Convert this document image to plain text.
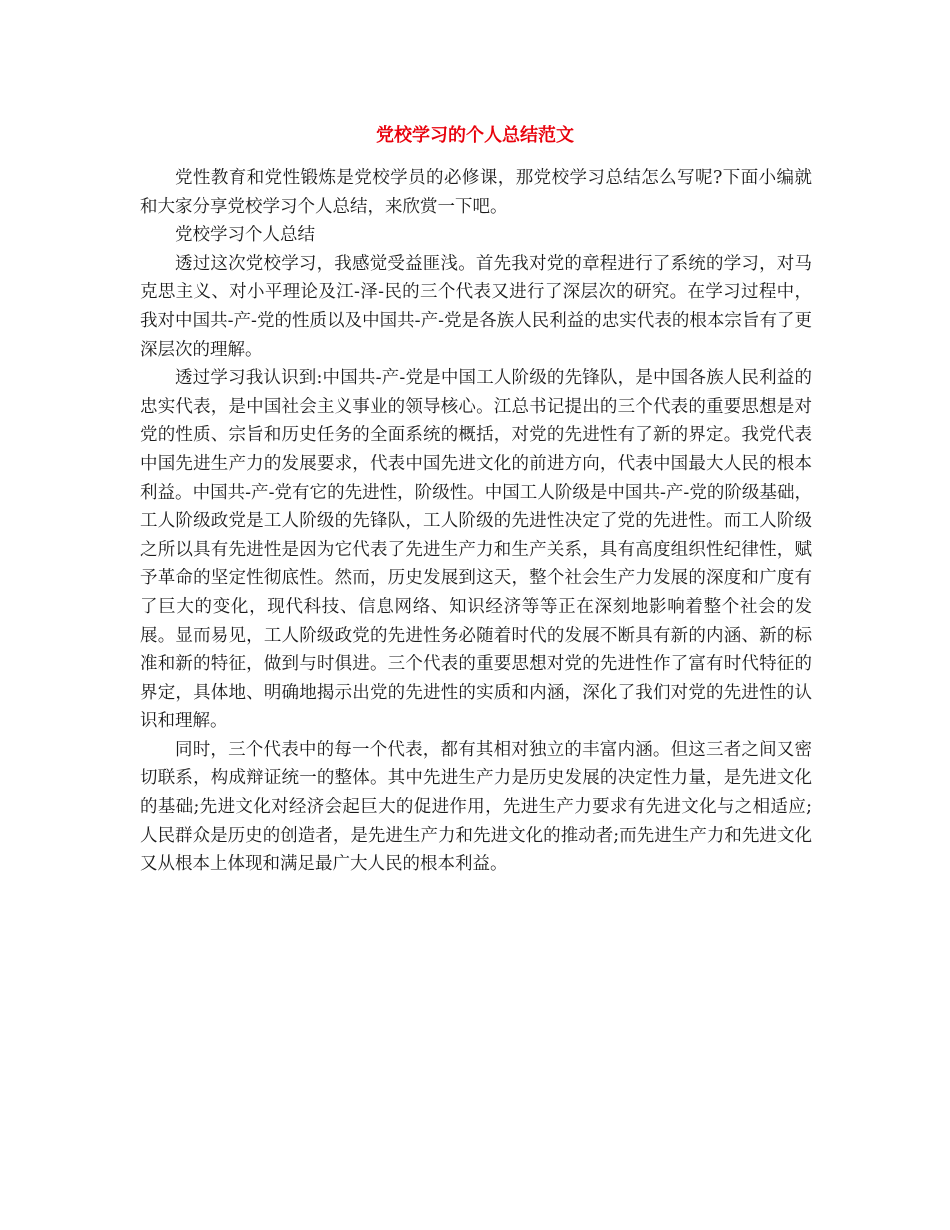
党校学习的个人总结范文

党性教育和党性锻炼是党校学员的必修课，那党校学习总结怎么写呢?下面小编就和大家分享党校学习个人总结，来欣赏一下吧。

党校学习个人总结

透过这次党校学习，我感觉受益匪浅。首先我对党的章程进行了系统的学习，对马克思主义、对小平理论及江-泽-民的三个代表又进行了深层次的研究。在学习过程中，我对中国共-产-党的性质以及中国共-产-党是各族人民利益的忠实代表的根本宗旨有了更深层次的理解。

透过学习我认识到:中国共-产-党是中国工人阶级的先锋队，是中国各族人民利益的忠实代表，是中国社会主义事业的领导核心。江总书记提出的三个代表的重要思想是对党的性质、宗旨和历史任务的全面系统的概括，对党的先进性有了新的界定。我党代表中国先进生产力的发展要求，代表中国先进文化的前进方向，代表中国最大人民的根本利益。中国共-产-党有它的先进性，阶级性。中国工人阶级是中国共-产-党的阶级基础，工人阶级政党是工人阶级的先锋队，工人阶级的先进性决定了党的先进性。而工人阶级之所以具有先进性是因为它代表了先进生产力和生产关系，具有高度组织性纪律性，赋予革命的坚定性彻底性。然而，历史发展到这天，整个社会生产力发展的深度和广度有了巨大的变化，现代科技、信息网络、知识经济等等正在深刻地影响着整个社会的发展。显而易见，工人阶级政党的先进性务必随着时代的发展不断具有新的内涵、新的标准和新的特征，做到与时俱进。三个代表的重要思想对党的先进性作了富有时代特征的界定，具体地、明确地揭示出党的先进性的实质和内涵，深化了我们对党的先进性的认识和理解。

同时，三个代表中的每一个代表，都有其相对独立的丰富内涵。但这三者之间又密切联系，构成辩证统一的整体。其中先进生产力是历史发展的决定性力量，是先进文化的基础;先进文化对经济会起巨大的促进作用，先进生产力要求有先进文化与之相适应;人民群众是历史的创造者，是先进生产力和先进文化的推动者;而先进生产力和先进文化又从根本上体现和满足最广大人民的根本利益。
